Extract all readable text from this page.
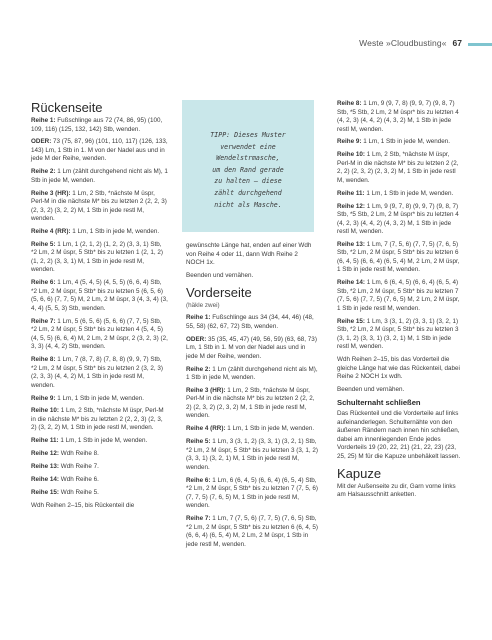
Weste »Cloudbusting« 67
Rückenseite

Reihe 1: Fußschlinge aus 72 (74, 86, 95) (100, 109, 116) (125, 132, 142) Stb, wenden.

ODER: 73 (75, 87, 96) (101, 110, 117) (126, 133, 143) Lm, 1 Stb in 1. M von der Nadel aus und in jede M der Reihe, wenden.

Reihe 2: 1 Lm (zählt durchgehend nicht als M), 1 Stb in jede M, wenden.

Reihe 3 (HR): 1 Lm, 2 Stb, *nächste M üspr, Perl-M in die nächste M* bis zu letzten 2 (2, 2, 3) (2, 3, 2) (3, 2, 2) M, 1 Stb in jede restl M, wenden.

Reihe 4 (RR): 1 Lm, 1 Stb in jede M, wenden.

Reihe 5: 1 Lm, 1 (2, 1, 2) (1, 2, 2) (3, 3, 1) Stb, *2 Lm, 2 M üspr, 5 Stb* bis zu letzten 1 (2, 1, 2) (1, 2, 2) (3, 3, 1) M, 1 Stb in jede restl M, wenden.

Reihe 6: 1 Lm, 4 (5, 4, 5) (4, 5, 5) (6, 6, 4) Stb, *2 Lm, 2 M üspr, 5 Stb* bis zu letzten 5 (6, 5, 6) (5, 6, 6) (7, 7, 5) M, 2 Lm, 2 M üspr, 3 (4, 3, 4) (3, 4, 4) (5, 5, 3) Stb, wenden.

Reihe 7: 1 Lm, 5 (6, 5, 6) (5, 6, 6) (7, 7, 5) Stb, *2 Lm, 2 M üspr, 5 Stb* bis zu letzten 4 (5, 4, 5) (4, 5, 5) (6, 6, 4) M, 2 Lm, 2 M üspr, 2 (3, 2, 3) (2, 3, 3) (4, 4, 2) Stb, wenden.

Reihe 8: 1 Lm, 7 (8, 7, 8) (7, 8, 8) (9, 9, 7) Stb, *2 Lm, 2 M üspr, 5 Stb* bis zu letzten 2 (3, 2, 3) (2, 3, 3) (4, 4, 2) M, 1 Stb in jede restl M, wenden.

Reihe 9: 1 Lm, 1 Stb in jede M, wenden.

Reihe 10: 1 Lm, 2 Stb, *nächste M üspr, Perl-M in die nächste M* bis zu letzten 2 (2, 2, 3) (2, 3, 2) (3, 2, 2) M, 1 Stb in jede restl M, wenden.

Reihe 11: 1 Lm, 1 Stb in jede M, wenden.

Reihe 12: Wdh Reihe 8.

Reihe 13: Wdh Reihe 7.

Reihe 14: Wdh Reihe 6.

Reihe 15: Wdh Reihe 5.

Wdh Reihen 2–15, bis Rückenteil die

TIPP: Dieses Muster
verwendet eine
Wendelstrmasche,
um den Rand gerade
zu halten – diese
zählt durchgehend
nicht als Masche.

gewünschte Länge hat, enden auf einer Wdh von Reihe 4 oder 11, dann Wdh Reihe 2 NOCH 1x.

Beenden und vernähen.

Vorderseite
(häkle zwei)

Reihe 1: Fußschlinge aus 34 (34, 44, 46) (48, 55, 58) (62, 67, 72) Stb, wenden.

ODER: 35 (35, 45, 47) (49, 56, 59) (63, 68, 73) Lm, 1 Stb in 1. M von der Nadel aus und in jede M der Reihe, wenden.

Reihe 2: 1 Lm (zählt durchgehend nicht als M), 1 Stb in jede M, wenden.

Reihe 3 (HR): 1 Lm, 2 Stb, *nächste M üspr, Perl-M in die nächste M* bis zu letzten 2 (2, 2, 2) (2, 3, 2) (2, 3, 2) M, 1 Stb in jede restl M, wenden.

Reihe 4 (RR): 1 Lm, 1 Stb in jede M, wenden.

Reihe 5: 1 Lm, 3 (3, 1, 2) (3, 3, 1) (3, 2, 1) Stb, *2 Lm, 2 M üspr, 5 Stb* bis zu letzten 3 (3, 1, 2) (3, 3, 1) (3, 2, 1) M, 1 Stb in jede restl M, wenden.

Reihe 6: 1 Lm, 6 (6, 4, 5) (6, 6, 4) (6, 5, 4) Stb, *2 Lm, 2 M üspr, 5 Stb* bis zu letzten 7 (7, 5, 6) (7, 7, 5) (7, 6, 5) M, 1 Stb in jede restl M, wenden.

Reihe 7: 1 Lm, 7 (7, 5, 6) (7, 7, 5) (7, 6, 5) Stb, *2 Lm, 2 M üspr, 5 Stb* bis zu letzten 6 (6, 4, 5) (6, 6, 4) (6, 5, 4) M, 2 Lm, 2 M üspr, 1 Stb in jede restl M, wenden.

Reihe 8: 1 Lm, 9 (9, 7, 8) (9, 9, 7) (9, 8, 7) Stb, *5 Stb, 2 Lm, 2 M üspr* bis zu letzten 4 (4, 2, 3) (4, 4, 2) (4, 3, 2) M, 1 Stb in jede restl M, wenden.

Reihe 9: 1 Lm, 1 Stb in jede M, wenden.

Reihe 10: 1 Lm, 2 Stb, *nächste M üspr, Perl-M in die nächste M* bis zu letzten 2 (2, 2, 2) (2, 3, 2) (2, 3, 2) M, 1 Stb in jede restl M, wenden.

Reihe 11: 1 Lm, 1 Stb in jede M, wenden.

Reihe 12: 1 Lm, 9 (9, 7, 8) (9, 9, 7) (9, 8, 7) Stb, *5 Stb, 2 Lm, 2 M üspr* bis zu letzten 4 (4, 2, 3) (4, 4, 2) (4, 3, 2) M, 1 Stb in jede restl M, wenden.

Reihe 13: 1 Lm, 7 (7, 5, 6) (7, 7, 5) (7, 6, 5) Stb, *2 Lm, 2 M üspr, 5 Stb* bis zu letzten 6 (6, 4, 5) (6, 6, 4) (6, 5, 4) M, 2 Lm, 2 M üspr, 1 Stb in jede restl M, wenden.

Reihe 14: 1 Lm, 6 (6, 4, 5) (6, 6, 4) (6, 5, 4) Stb, *2 Lm, 2 M üspr, 5 Stb* bis zu letzten 7 (7, 5, 6) (7, 7, 5) (7, 6, 5) M, 2 Lm, 2 M üspr, 1 Stb in jede restl M, wenden.

Reihe 15: 1 Lm, 3 (3, 1, 2) (3, 3, 1) (3, 2, 1) Stb, *2 Lm, 2 M üspr, 5 Stb* bis zu letzten 3 (3, 1, 2) (3, 3, 1) (3, 2, 1) M, 1 Stb in jede restl M, wenden.

Wdh Reihen 2–15, bis das Vorderteil die gleiche Länge hat wie das Rückenteil, dabei Reihe 2 NOCH 1x wdh.

Beenden und vernähen.

Schulternaht schließen

Das Rückenteil und die Vorderteile auf links aufeinanderlegen. Schulternähte von den äußeren Rändern nach innen hin schließen, dabei am innenliegenden Ende jedes Vorderteils 19 (20, 22, 21) (21, 22, 23) (23, 25, 25) M für die Kapuze unbehäkelt lassen.

Kapuze

Mit der Außenseite zu dir, Garn vorne links am Halsausschnitt anketten.
